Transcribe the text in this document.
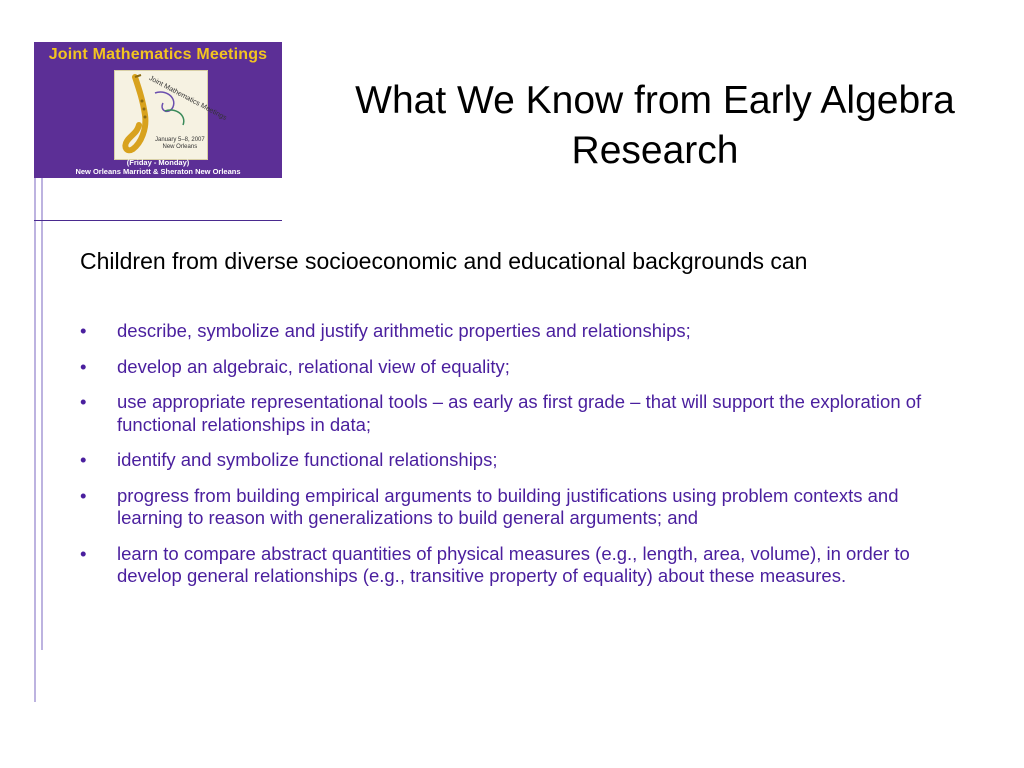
Joint Mathematics Meetings
Joint Mathematics Meetings
January 5–8, 2007
New Orleans
(Friday - Monday)
New Orleans Marriott & Sheraton New Orleans
What We Know from Early Algebra Research
Children from diverse socioeconomic and educational backgrounds can
• describe, symbolize and justify arithmetic properties and relationships;
• develop an algebraic, relational view of equality;
• use appropriate representational tools – as early as first grade – that will support the exploration of functional relationships in data;
• identify and symbolize functional relationships;
• progress from building empirical arguments to building justifications using problem contexts and learning to reason with generalizations to build general arguments; and
• learn to compare abstract quantities of physical measures (e.g., length, area, volume), in order to develop general relationships (e.g., transitive property of equality) about these measures.
